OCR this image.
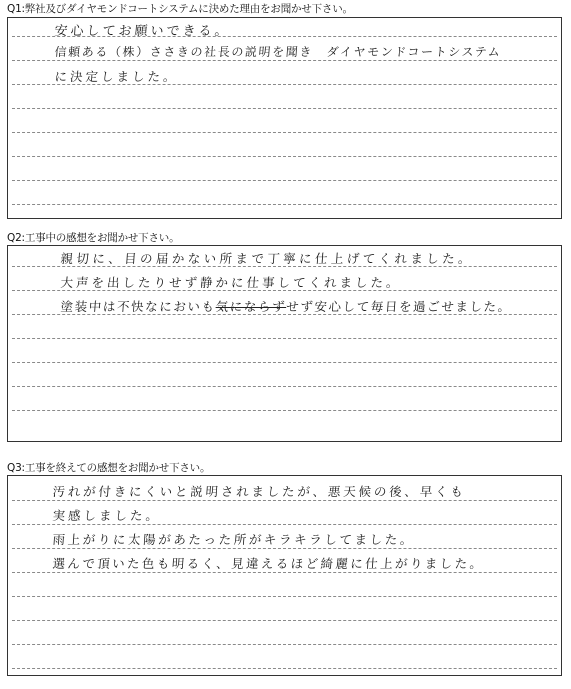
Q1:弊社及びダイヤモンドコートシステムに決めた理由をお聞かせ下さい。
安心してお願いできる。
信頼ある（株）ささきの社長の説明を聞き　ダイヤモンドコートシステム
に決定しました。
Q2:工事中の感想をお聞かせ下さい。
親切に、目の届かない所まで丁寧に仕上げてくれました。
大声を出したりせず静かに仕事してくれました。
塗装中は不快なにおいも気にならずせず安心して毎日を過ごせました。
Q3:工事を終えての感想をお聞かせ下さい。
汚れが付きにくいと説明されましたが、悪天候の後、早くも
実感しました。
雨上がりに太陽があたった所がキラキラしてました。
選んで頂いた色も明るく、見違えるほど綺麗に仕上がりました。
